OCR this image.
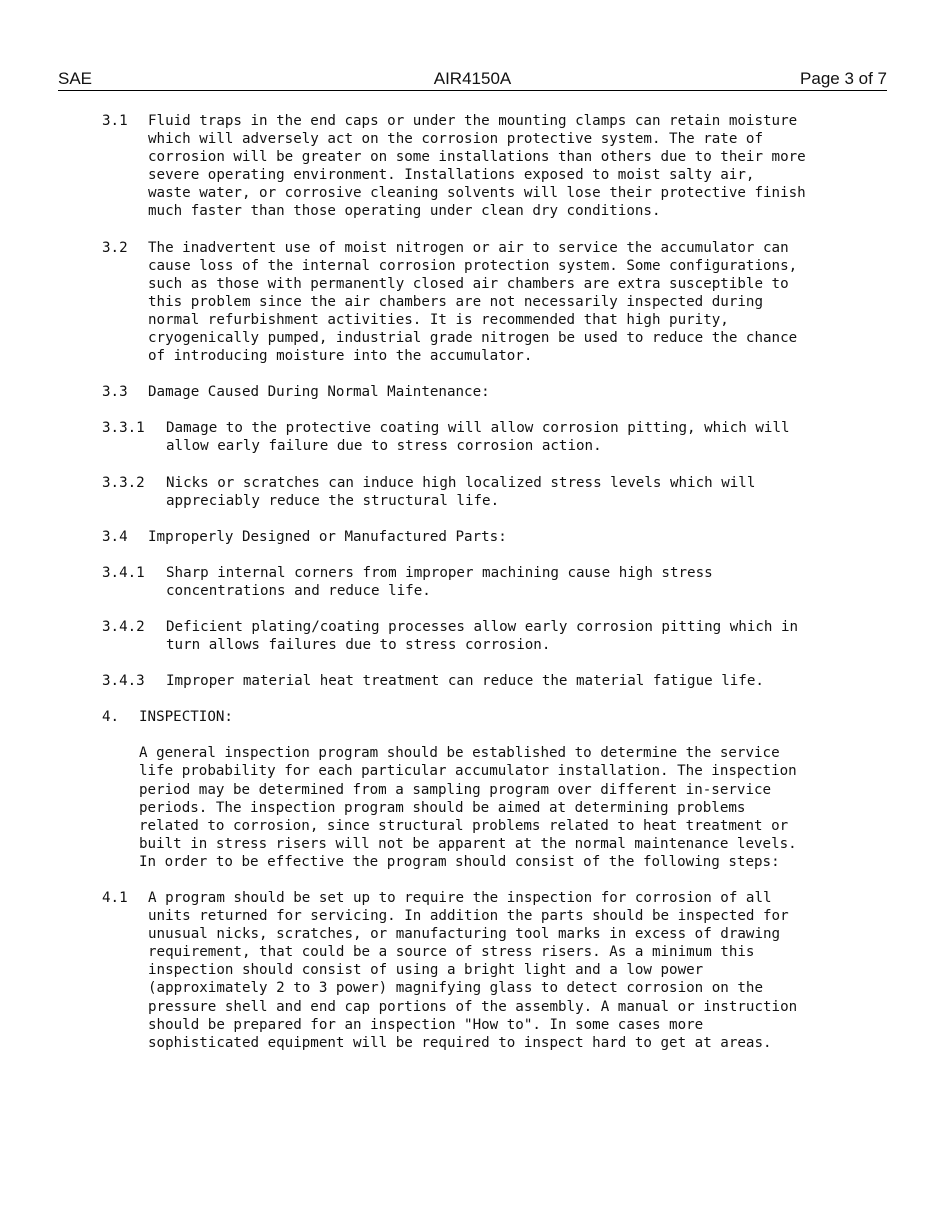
SAE	AIR4150A	Page 3 of 7
3.1	Fluid traps in the end caps or under the mounting clamps can retain moisture
which will adversely act on the corrosion protective system. The rate of
corrosion will be greater on some installations than others due to their more
severe operating environment. Installations exposed to moist salty air,
waste water, or corrosive cleaning solvents will lose their protective finish
much faster than those operating under clean dry conditions.
3.2	The inadvertent use of moist nitrogen or air to service the accumulator can
cause loss of the internal corrosion protection system. Some configurations,
such as those with permanently closed air chambers are extra susceptible to
this problem since the air chambers are not necessarily inspected during
normal refurbishment activities. It is recommended that high purity,
cryogenically pumped, industrial grade nitrogen be used to reduce the chance
of introducing moisture into the accumulator.
3.3	Damage Caused During Normal Maintenance:
3.3.1	Damage to the protective coating will allow corrosion pitting, which will
allow early failure due to stress corrosion action.
3.3.2	Nicks or scratches can induce high localized stress levels which will
appreciably reduce the structural life.
3.4	Improperly Designed or Manufactured Parts:
3.4.1	Sharp internal corners from improper machining cause high stress
concentrations and reduce life.
3.4.2	Deficient plating/coating processes allow early corrosion pitting which in
turn allows failures due to stress corrosion.
3.4.3	Improper material heat treatment can reduce the material fatigue life.
4.	INSPECTION:
A general inspection program should be established to determine the service
life probability for each particular accumulator installation. The inspection
period may be determined from a sampling program over different in-service
periods. The inspection program should be aimed at determining problems
related to corrosion, since structural problems related to heat treatment or
built in stress risers will not be apparent at the normal maintenance levels.
In order to be effective the program should consist of the following steps:
4.1	A program should be set up to require the inspection for corrosion of all
units returned for servicing. In addition the parts should be inspected for
unusual nicks, scratches, or manufacturing tool marks in excess of drawing
requirement, that could be a source of stress risers. As a minimum this
inspection should consist of using a bright light and a low power
(approximately 2 to 3 power) magnifying glass to detect corrosion on the
pressure shell and end cap portions of the assembly. A manual or instruction
should be prepared for an inspection "How to". In some cases more
sophisticated equipment will be required to inspect hard to get at areas.
